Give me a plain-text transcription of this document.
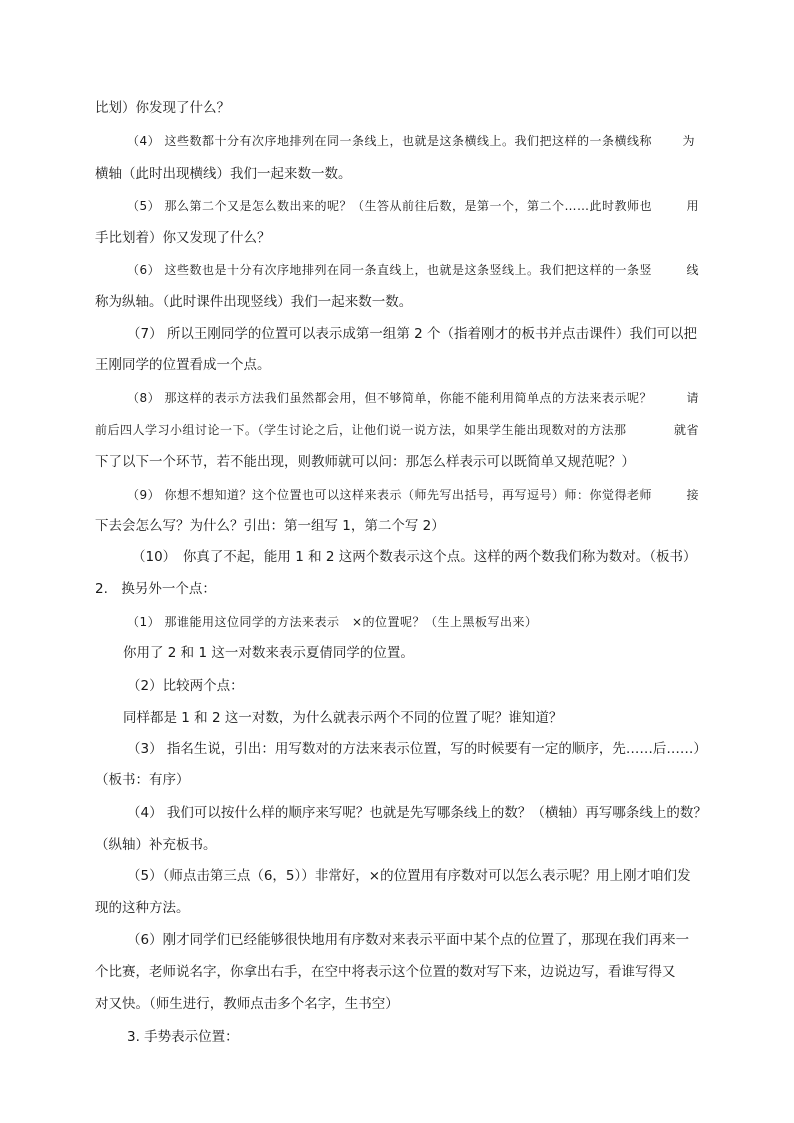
比划）你发现了什么？
（4） 这些数都十分有次序地排列在同一条线上，也就是这条横线上。我们把这样的一条横线称	为
横轴（此时出现横线）我们一起来数一数。
（5） 那么第二个又是怎么数出来的呢？（生答从前往后数，是第一个，第二个……此时教师也	用
手比划着）你又发现了什么？
（6） 这些数也是十分有次序地排列在同一条直线上，也就是这条竖线上。我们把这样的一条竖	线
称为纵轴。（此时课件出现竖线）我们一起来数一数。
（7） 所以王刚同学的位置可以表示成第一组第 2 个（指着刚才的板书并点击课件）我们可以把
王刚同学的位置看成一个点。
（8） 那这样的表示方法我们虽然都会用，但不够简单，你能不能利用简单点的方法来表示呢？	请
前后四人学习小组讨论一下。（学生讨论之后，让他们说一说方法，如果学生能出现数对的方法那	就省
下了以下一个环节，若不能出现，则教师就可以问：那怎么样表示可以既简单又规范呢？）
（9） 你想不想知道？这个位置也可以这样来表示（师先写出括号，再写逗号）师：你觉得老师	接
下去会怎么写？为什么？引出：第一组写 1，第二个写 2）
（10）　你真了不起，能用 1 和 2 这两个数表示这个点。这样的两个数我们称为数对。（板书）
2.　换另外一个点：
（1） 那谁能用这位同学的方法来表示　×的位置呢？（生上黑板写出来）
你用了 2 和 1 这一对数来表示夏倩同学的位置。
（2）比较两个点：
同样都是 1 和 2 这一对数，为什么就表示两个不同的位置了呢？谁知道？
（3） 指名生说，引出：用写数对的方法来表示位置，写的时候要有一定的顺序，先……后……）
（板书：有序）
（4） 我们可以按什么样的顺序来写呢？也就是先写哪条线上的数？（横轴）再写哪条线上的数？
（纵轴）补充板书。
（5）（师点击第三点（6，5））非常好，×的位置用有序数对可以怎么表示呢？用上刚才咱们发
现的这种方法。
（6）刚才同学们已经能够很快地用有序数对来表示平面中某个点的位置了，那现在我们再来一
个比赛，老师说名字，你拿出右手，在空中将表示这个位置的数对写下来，边说边写，看谁写得又
对又快。（师生进行，教师点击多个名字，生书空）
3. 手势表示位置：
